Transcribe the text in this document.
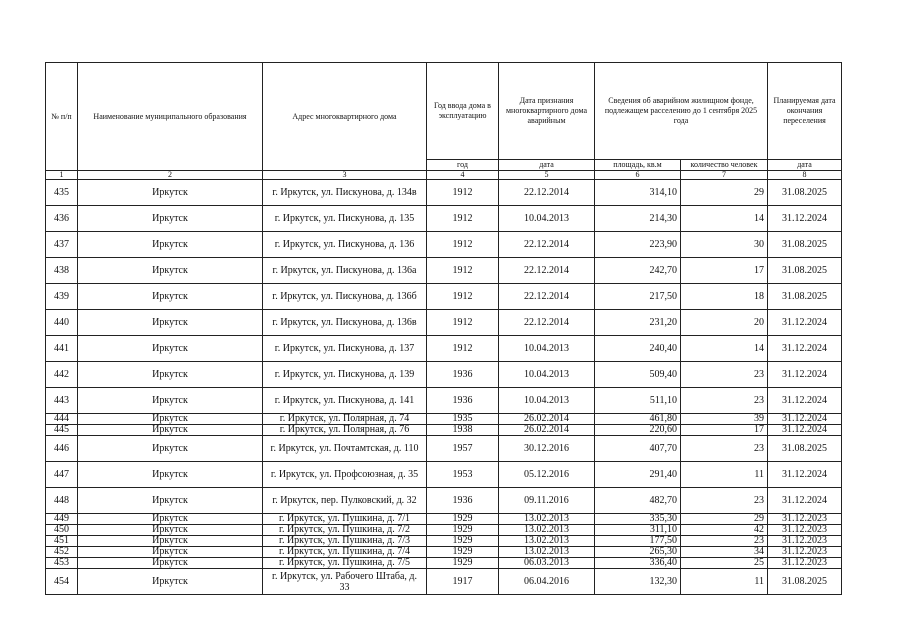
№ п/п	Наименование муниципального образования	Адрес многоквартирного дома	Год ввода дома в эксплуатацию	Дата признания многоквартирного дома аварийным	Сведения об аварийном жилищном фонде, подлежащем расселению до 1 сентября 2025 года		Планируемая дата окончания переселения
			год	дата	площадь, кв.м	количество человек	дата
1	2	3	4	5	6	7	8
435	Иркутск	г. Иркутск, ул. Пискунова, д. 134в	1912	22.12.2014	314,10	29	31.08.2025
436	Иркутск	г. Иркутск, ул. Пискунова, д. 135	1912	10.04.2013	214,30	14	31.12.2024
437	Иркутск	г. Иркутск, ул. Пискунова, д. 136	1912	22.12.2014	223,90	30	31.08.2025
438	Иркутск	г. Иркутск, ул. Пискунова, д. 136а	1912	22.12.2014	242,70	17	31.08.2025
439	Иркутск	г. Иркутск, ул. Пискунова, д. 136б	1912	22.12.2014	217,50	18	31.08.2025
440	Иркутск	г. Иркутск, ул. Пискунова, д. 136в	1912	22.12.2014	231,20	20	31.12.2024
441	Иркутск	г. Иркутск, ул. Пискунова, д. 137	1912	10.04.2013	240,40	14	31.12.2024
442	Иркутск	г. Иркутск, ул. Пискунова, д. 139	1936	10.04.2013	509,40	23	31.12.2024
443	Иркутск	г. Иркутск, ул. Пискунова, д. 141	1936	10.04.2013	511,10	23	31.12.2024
444	Иркутск	г. Иркутск, ул. Полярная, д. 74	1935	26.02.2014	461,80	39	31.12.2024
445	Иркутск	г. Иркутск, ул. Полярная, д. 76	1938	26.02.2014	220,60	17	31.12.2024
446	Иркутск	г. Иркутск, ул. Почтамтская, д. 110	1957	30.12.2016	407,70	23	31.08.2025
447	Иркутск	г. Иркутск, ул. Профсоюзная, д. 35	1953	05.12.2016	291,40	11	31.12.2024
448	Иркутск	г. Иркутск, пер. Пулковский, д. 32	1936	09.11.2016	482,70	23	31.12.2024
449	Иркутск	г. Иркутск, ул. Пушкина, д. 7/1	1929	13.02.2013	335,30	29	31.12.2023
450	Иркутск	г. Иркутск, ул. Пушкина, д. 7/2	1929	13.02.2013	311,10	42	31.12.2023
451	Иркутск	г. Иркутск, ул. Пушкина, д. 7/3	1929	13.02.2013	177,50	23	31.12.2023
452	Иркутск	г. Иркутск, ул. Пушкина, д. 7/4	1929	13.02.2013	265,30	34	31.12.2023
453	Иркутск	г. Иркутск, ул. Пушкина, д. 7/5	1929	06.03.2013	336,40	25	31.12.2023
454	Иркутск	г. Иркутск, ул. Рабочего Штаба, д. 33	1917	06.04.2016	132,30	11	31.08.2025
